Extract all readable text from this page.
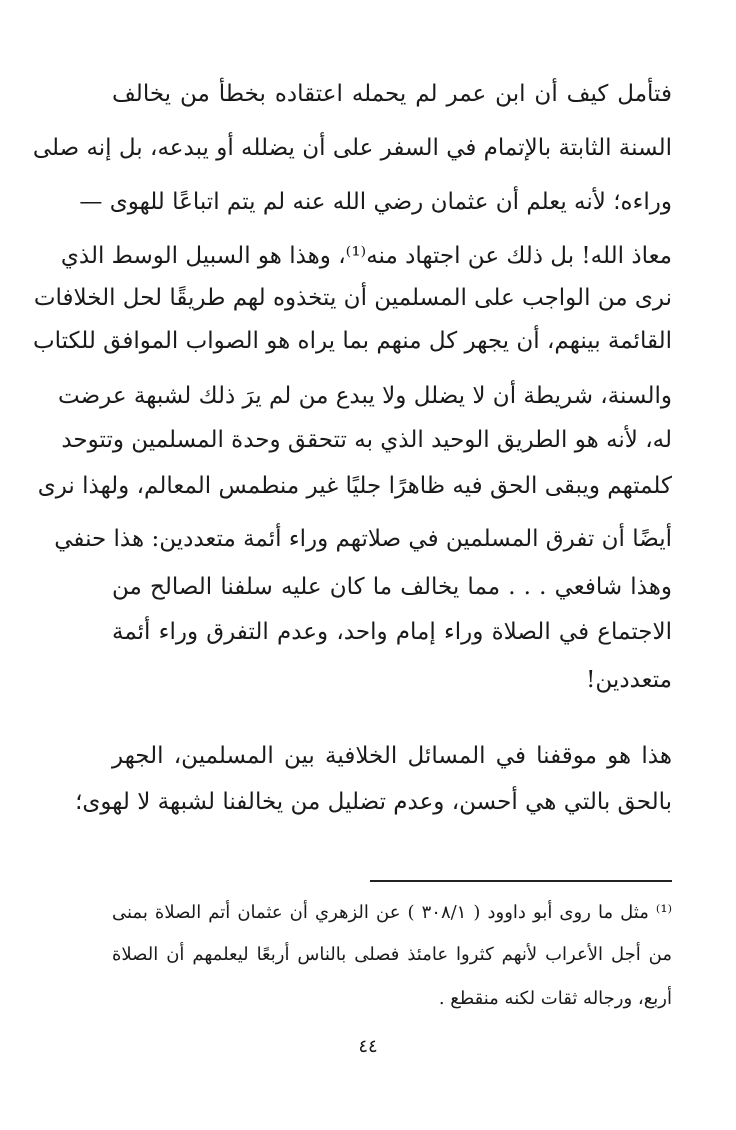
فتأمل كيف أن ابن عمر لم يحمله اعتقاده بخطأ من يخالف
السنة الثابتة بالإتمام في السفر على أن يضلله أو يبدعه، بل إنه صلى
وراءه؛ لأنه يعلم أن عثمان رضي الله عنه لم يتم اتباعًا للهوى —
معاذ الله! بل ذلك عن اجتهاد منه⁽¹⁾، وهذا هو السبيل الوسط الذي
نرى من الواجب على المسلمين أن يتخذوه لهم طريقًا لحل الخلافات
القائمة بينهم، أن يجهر كل منهم بما يراه هو الصواب الموافق للكتاب
والسنة، شريطة أن لا يضلل ولا يبدع من لم يرَ ذلك لشبهة عرضت
له، لأنه هو الطريق الوحيد الذي به تتحقق وحدة المسلمين وتتوحد
كلمتهم ويبقى الحق فيه ظاهرًا جليًا غير منطمس المعالم، ولهذا نرى
أيضًا أن تفرق المسلمين في صلاتهم وراء أئمة متعددين: هذا حنفي
وهذا شافعي . . . مما يخالف ما كان عليه سلفنا الصالح من
الاجتماع في الصلاة وراء إمام واحد، وعدم التفرق وراء أئمة
متعددين!
هذا هو موقفنا في المسائل الخلافية بين المسلمين، الجهر
بالحق بالتي هي أحسن، وعدم تضليل من يخالفنا لشبهة لا لهوى؛
⁽¹⁾ مثل ما روى أبو داوود ( ٣٠٨/١ ) عن الزهري أن عثمان أتم الصلاة بمنى
من أجل الأعراب لأنهم كثروا عامئذ فصلى بالناس أربعًا ليعلمهم أن الصلاة
أربع، ورجاله ثقات لكنه منقطع .
٤٤
